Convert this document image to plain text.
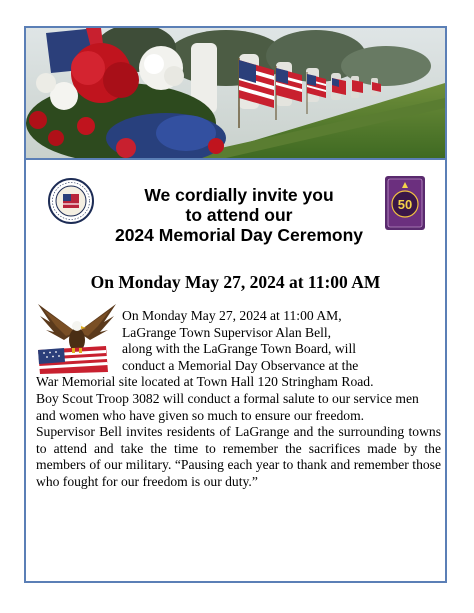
We cordially invite you
to attend our
2024 Memorial Day Ceremony
50
On Monday May 27, 2024 at 11:00 AM
On Monday May 27, 2024 at 11:00 AM,
LaGrange Town Supervisor Alan Bell,
along with the LaGrange Town Board, will
conduct a Memorial Day Observance at the

War Memorial site located at Town Hall 120 Stringham Road.

Boy Scout Troop 3082 will conduct a formal salute to our service men and women who have given so much to ensure our freedom.

Supervisor Bell invites residents of LaGrange and the surrounding towns to attend and take the time to remember the sacrifices made by the members of our military. “Pausing each year to thank and remember those who fought for our freedom is our duty.”
